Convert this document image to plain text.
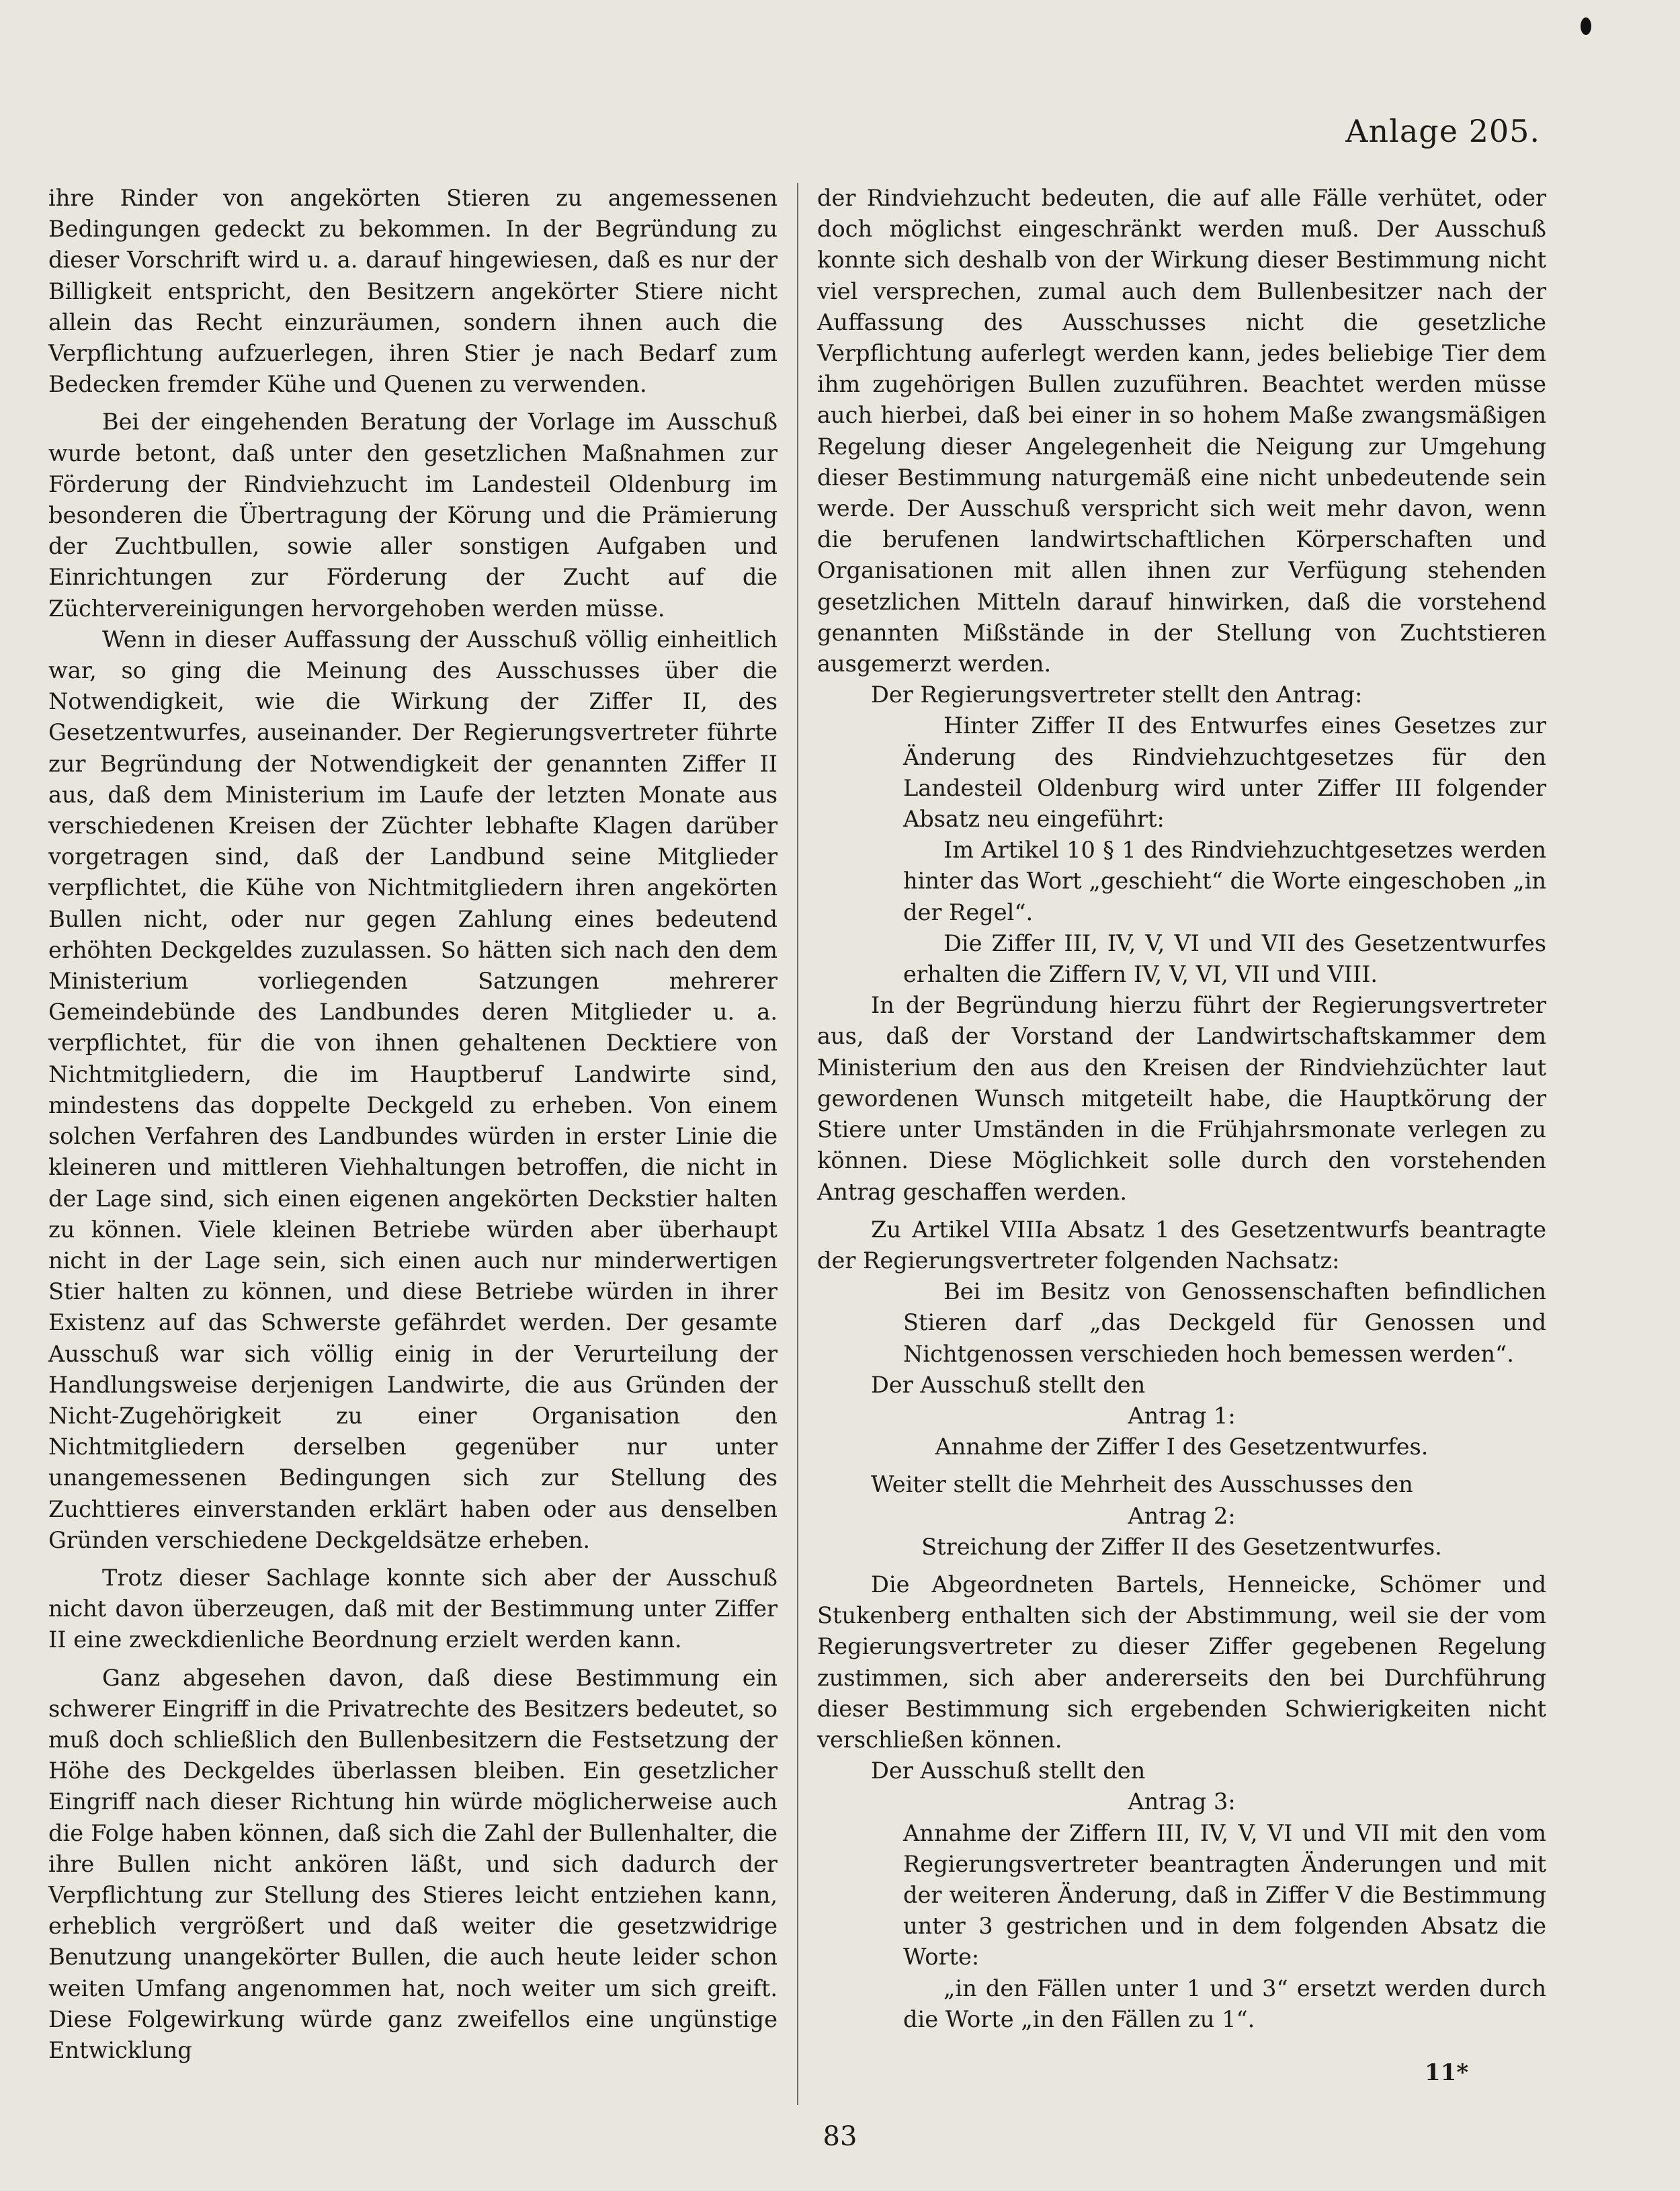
Anlage 205.

ihre Rinder von angekörten Stieren zu angemessenen Bedingungen gedeckt zu bekommen. In der Begründung zu dieser Vorschrift wird u. a. darauf hingewiesen, daß es nur der Billigkeit entspricht, den Besitzern angekörter Stiere nicht allein das Recht einzuräumen, sondern ihnen auch die Verpflichtung aufzuerlegen, ihren Stier je nach Bedarf zum Bedecken fremder Kühe und Quenen zu verwenden.

Bei der eingehenden Beratung der Vorlage im Ausschuß wurde betont, daß unter den gesetzlichen Maßnahmen zur Förderung der Rindviehzucht im Landesteil Oldenburg im besonderen die Übertragung der Körung und die Prämierung der Zuchtbullen, sowie aller sonstigen Aufgaben und Einrichtungen zur Förderung der Zucht auf die Züchtervereinigungen hervorgehoben werden müsse.

Wenn in dieser Auffassung der Ausschuß völlig einheitlich war, so ging die Meinung des Ausschusses über die Notwendigkeit, wie die Wirkung der Ziffer II, des Gesetzentwurfes, auseinander. Der Regierungsvertreter führte zur Begründung der Notwendigkeit der genannten Ziffer II aus, daß dem Ministerium im Laufe der letzten Monate aus verschiedenen Kreisen der Züchter lebhafte Klagen darüber vorgetragen sind, daß der Landbund seine Mitglieder verpflichtet, die Kühe von Nichtmitgliedern ihren angekörten Bullen nicht, oder nur gegen Zahlung eines bedeutend erhöhten Deckgeldes zuzulassen. So hätten sich nach den dem Ministerium vorliegenden Satzungen mehrerer Gemeindebünde des Landbundes deren Mitglieder u. a. verpflichtet, für die von ihnen gehaltenen Decktiere von Nichtmitgliedern, die im Hauptberuf Landwirte sind, mindestens das doppelte Deckgeld zu erheben. Von einem solchen Verfahren des Landbundes würden in erster Linie die kleineren und mittleren Viehhaltungen betroffen, die nicht in der Lage sind, sich einen eigenen angekörten Deckstier halten zu können. Viele kleinen Betriebe würden aber überhaupt nicht in der Lage sein, sich einen auch nur minderwertigen Stier halten zu können, und diese Betriebe würden in ihrer Existenz auf das Schwerste gefährdet werden. Der gesamte Ausschuß war sich völlig einig in der Verurteilung der Handlungsweise derjenigen Landwirte, die aus Gründen der Nicht-Zugehörigkeit zu einer Organisation den Nichtmitgliedern derselben gegenüber nur unter unangemessenen Bedingungen sich zur Stellung des Zuchttieres einverstanden erklärt haben oder aus denselben Gründen verschiedene Deckgeldsätze erheben.

Trotz dieser Sachlage konnte sich aber der Ausschuß nicht davon überzeugen, daß mit der Bestimmung unter Ziffer II eine zweckdienliche Beordnung erzielt werden kann.

Ganz abgesehen davon, daß diese Bestimmung ein schwerer Eingriff in die Privatrechte des Besitzers bedeutet, so muß doch schließlich den Bullenbesitzern die Festsetzung der Höhe des Deckgeldes überlassen bleiben. Ein gesetzlicher Eingriff nach dieser Richtung hin würde möglicherweise auch die Folge haben können, daß sich die Zahl der Bullenhalter, die ihre Bullen nicht ankören läßt, und sich dadurch der Verpflichtung zur Stellung des Stieres leicht entziehen kann, erheblich vergrößert und daß weiter die gesetzwidrige Benutzung unangekörter Bullen, die auch heute leider schon weiten Umfang angenommen hat, noch weiter um sich greift. Diese Folgewirkung würde ganz zweifellos eine ungünstige Entwicklung

der Rindviehzucht bedeuten, die auf alle Fälle verhütet, oder doch möglichst eingeschränkt werden muß. Der Ausschuß konnte sich deshalb von der Wirkung dieser Bestimmung nicht viel versprechen, zumal auch dem Bullenbesitzer nach der Auffassung des Ausschusses nicht die gesetzliche Verpflichtung auferlegt werden kann, jedes beliebige Tier dem ihm zugehörigen Bullen zuzuführen. Beachtet werden müsse auch hierbei, daß bei einer in so hohem Maße zwangsmäßigen Regelung dieser Angelegenheit die Neigung zur Umgehung dieser Bestimmung naturgemäß eine nicht unbedeutende sein werde. Der Ausschuß verspricht sich weit mehr davon, wenn die berufenen landwirtschaftlichen Körperschaften und Organisationen mit allen ihnen zur Verfügung stehenden gesetzlichen Mitteln darauf hinwirken, daß die vorstehend genannten Mißstände in der Stellung von Zuchtstieren ausgemerzt werden.

Der Regierungsvertreter stellt den Antrag:

Hinter Ziffer II des Entwurfes eines Gesetzes zur Änderung des Rindviehzuchtgesetzes für den Landesteil Oldenburg wird unter Ziffer III folgender Absatz neu eingeführt:

Im Artikel 10 § 1 des Rindviehzuchtgesetzes werden hinter das Wort „geschieht“ die Worte eingeschoben „in der Regel“.

Die Ziffer III, IV, V, VI und VII des Gesetzentwurfes erhalten die Ziffern IV, V, VI, VII und VIII.

In der Begründung hierzu führt der Regierungsvertreter aus, daß der Vorstand der Landwirtschaftskammer dem Ministerium den aus den Kreisen der Rindviehzüchter laut gewordenen Wunsch mitgeteilt habe, die Hauptkörung der Stiere unter Umständen in die Frühjahrsmonate verlegen zu können. Diese Möglichkeit solle durch den vorstehenden Antrag geschaffen werden.

Zu Artikel VIIIa Absatz 1 des Gesetzentwurfs beantragte der Regierungsvertreter folgenden Nachsatz:

Bei im Besitz von Genossenschaften befindlichen Stieren darf „das Deckgeld für Genossen und Nichtgenossen verschieden hoch bemessen werden“.

Der Ausschuß stellt den

Antrag 1:

Annahme der Ziffer I des Gesetzentwurfes.

Weiter stellt die Mehrheit des Ausschusses den

Antrag 2:

Streichung der Ziffer II des Gesetzentwurfes.

Die Abgeordneten Bartels, Henneicke, Schömer und Stukenberg enthalten sich der Abstimmung, weil sie der vom Regierungsvertreter zu dieser Ziffer gegebenen Regelung zustimmen, sich aber andererseits den bei Durchführung dieser Bestimmung sich ergebenden Schwierigkeiten nicht verschließen können.

Der Ausschuß stellt den

Antrag 3:

Annahme der Ziffern III, IV, V, VI und VII mit den vom Regierungsvertreter beantragten Änderungen und mit der weiteren Änderung, daß in Ziffer V die Bestimmung unter 3 gestrichen und in dem folgenden Absatz die Worte:

„in den Fällen unter 1 und 3“ ersetzt werden durch die Worte „in den Fällen zu 1“.

11*
83
